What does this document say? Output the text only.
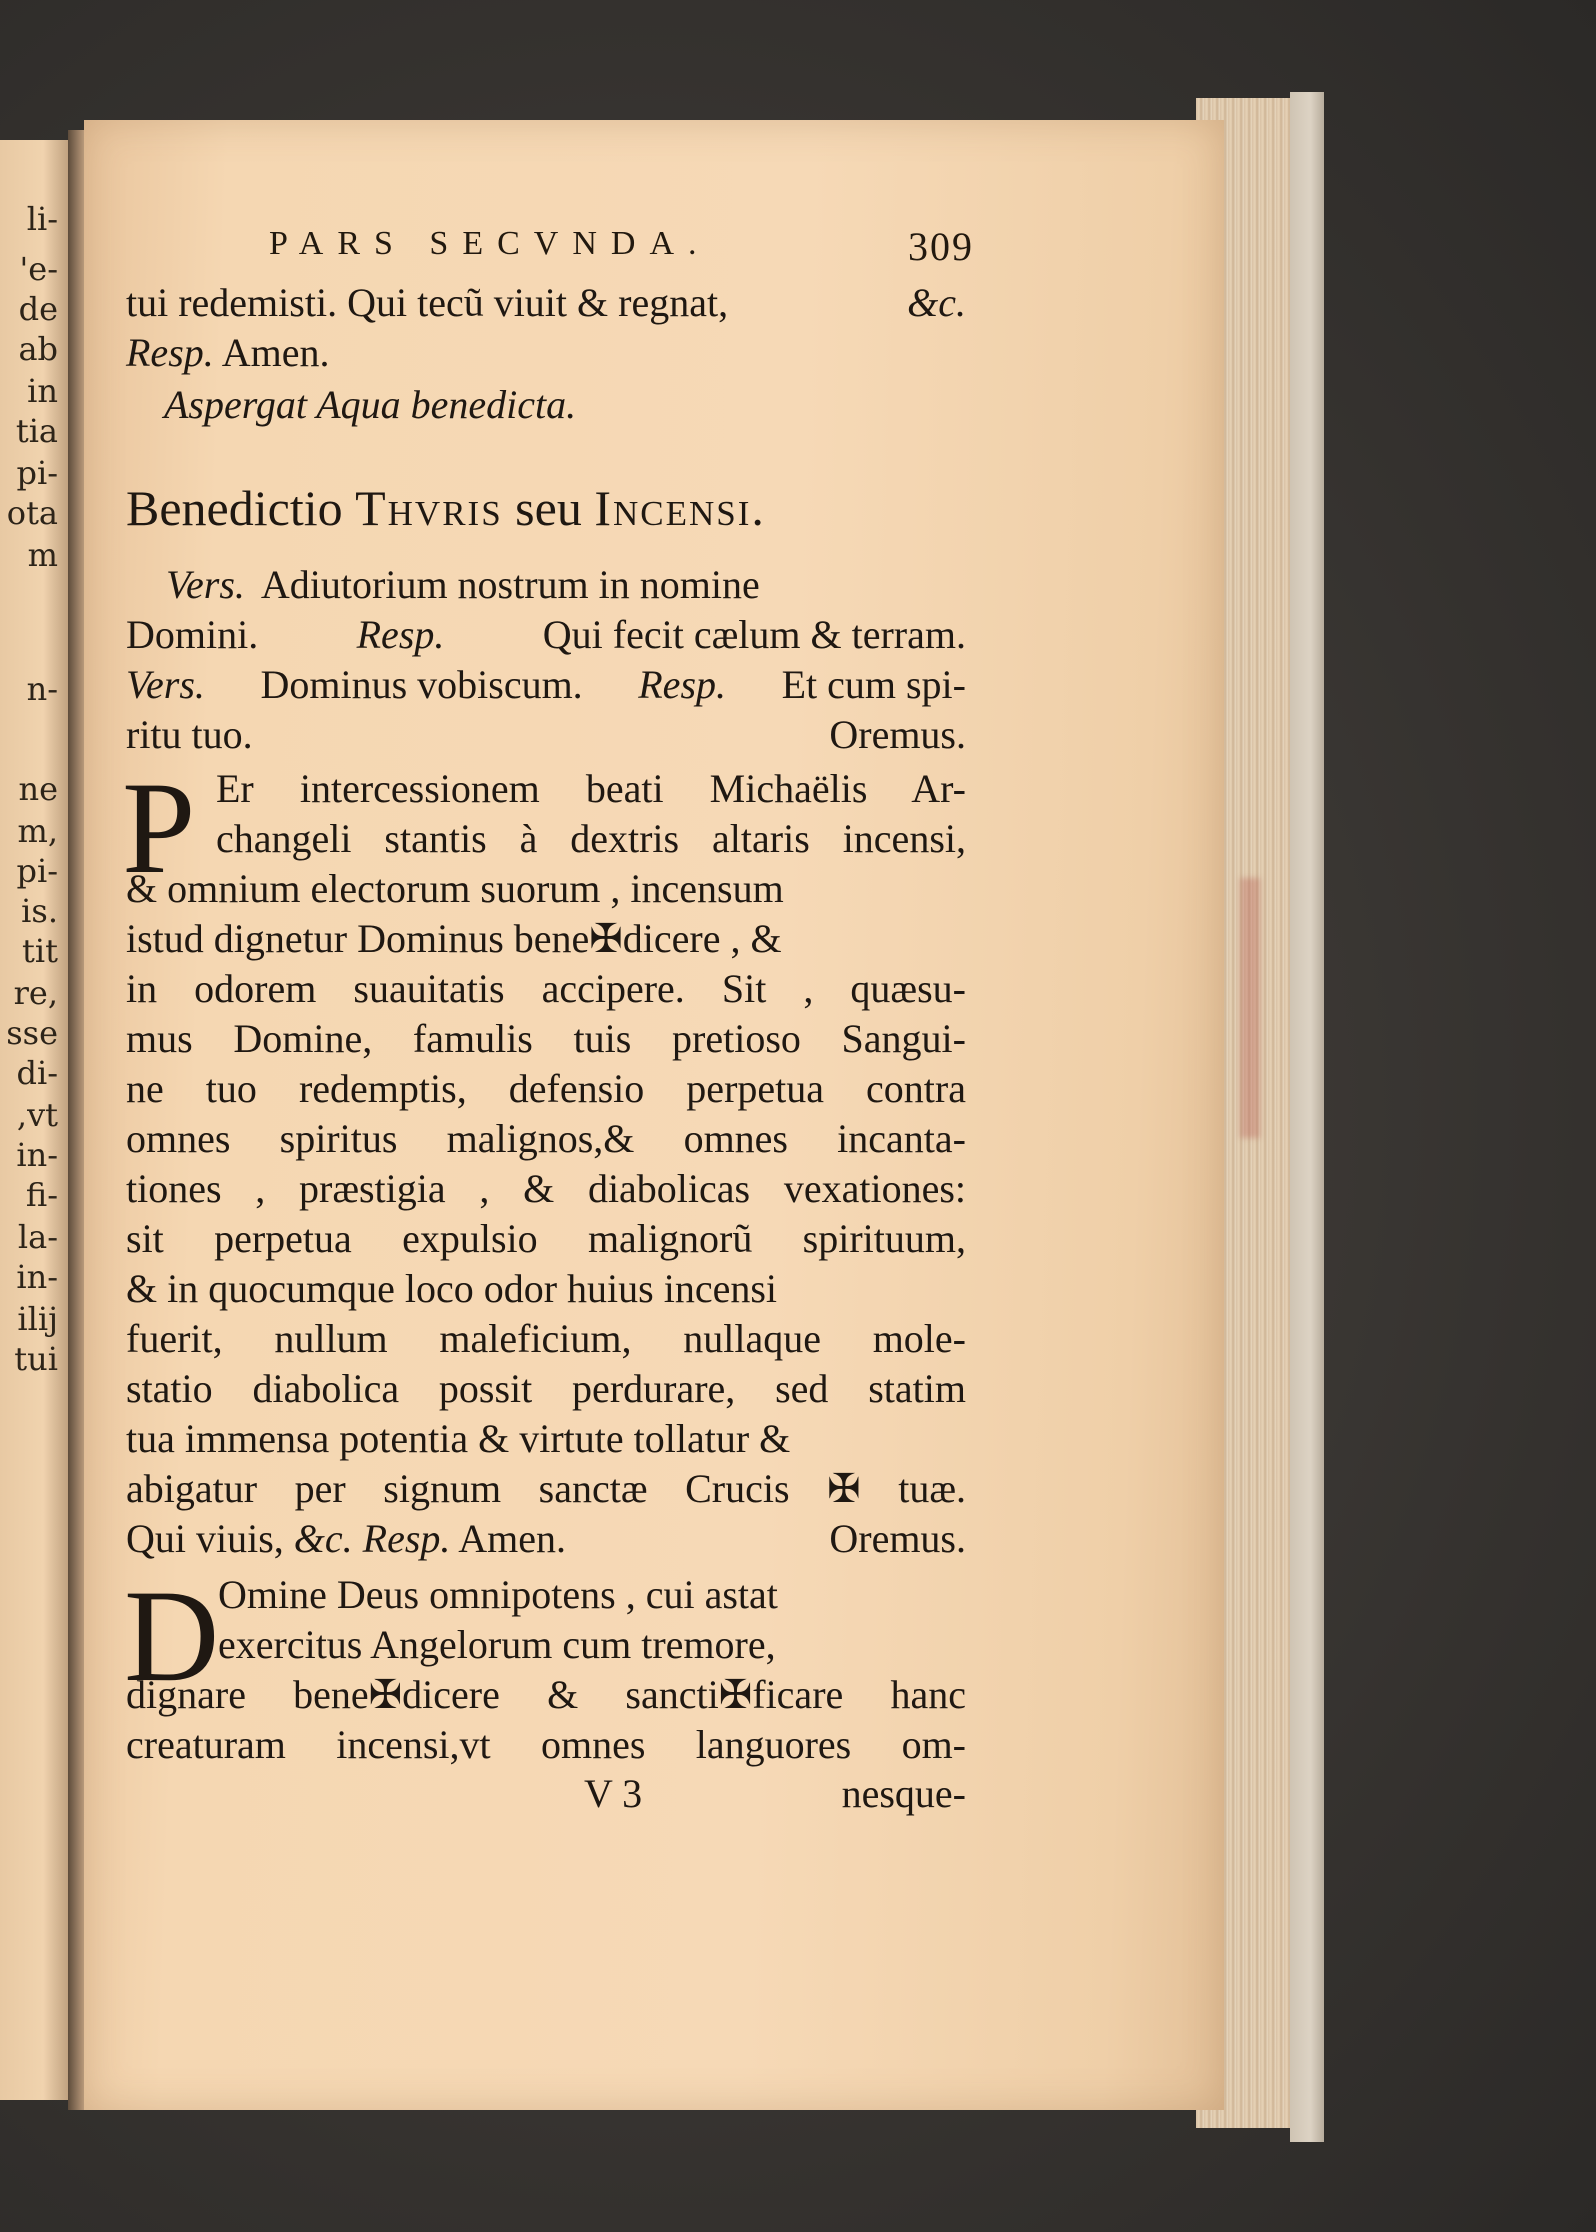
li-
'e-
de
ab
in
tia
pi-
ota
m
n-
ne
m,
pi-
is.
tit
re,
sse
di-
,vt
in-
fi-
la-
in-
ilij
tui
PARS SECVNDA.	309
tui redemisti. Qui tecũ viuit & regnat,	&c.
Resp. Amen.
Aspergat Aqua benedicta.
Benedictio Thvris seu Incensi.
Vers. Adiutorium nostrum in nomine
Domini. Resp. Qui fecit cælum & terram.
Vers. Dominus vobiscum. Resp. Et cum spi-
ritu tuo.	Oremus.
P Er intercessionem beati Michaëlis Ar-
changeli stantis à dextris altaris incensi,
& omnium electorum suorum , incensum
istud dignetur Dominus bene✠dicere , &
in odorem suauitatis accipere. Sit , quæsu-
mus Domine, famulis tuis pretioso Sangui-
ne tuo redemptis, defensio perpetua contra
omnes spiritus malignos,& omnes incanta-
tiones , præstigia , & diabolicas vexationes:
sit perpetua expulsio malignorũ spirituum,
& in quocumque loco odor huius incensi
fuerit, nullum maleficium, nullaque mole-
statio diabolica possit perdurare, sed statim
tua immensa potentia & virtute tollatur &
abigatur per signum sanctæ Crucis ✠ tuæ.
Qui viuis, &c. Resp. Amen.	Oremus.
D
Omine Deus omnipotens , cui astat
exercitus Angelorum cum tremore,
dignare bene✠dicere & sancti✠ficare hanc
creaturam incensi,vt omnes languores om-
V 3	nesque-
